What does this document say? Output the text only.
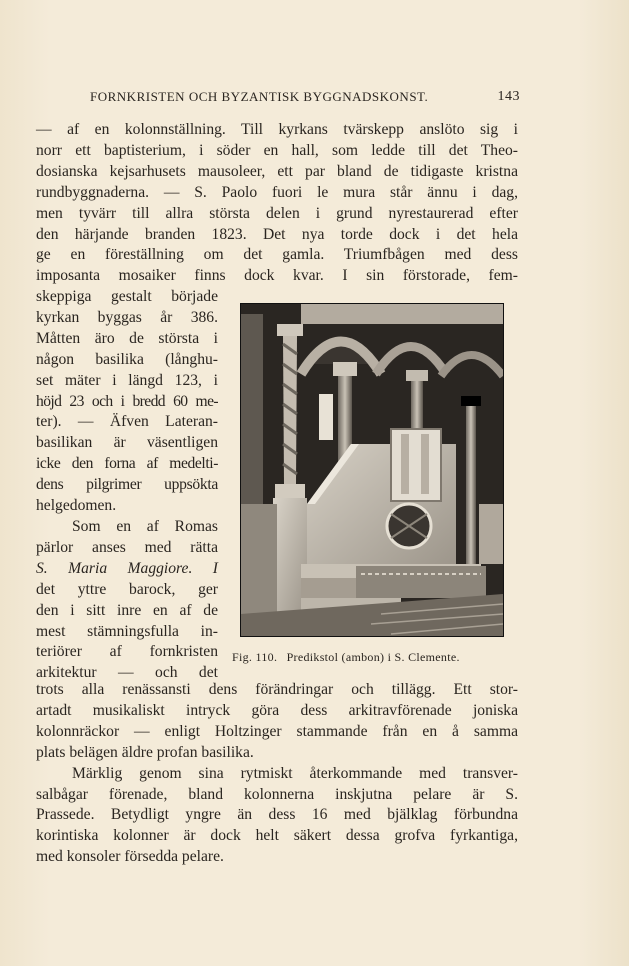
FORNKRISTEN OCH BYZANTISK BYGGNADSKONST.	143
— af en kolonnställning. Till kyrkans tvärskepp anslöto sig i
norr ett baptisterium, i söder en hall, som ledde till det Theo-
dosianska kejsarhusets mausoleer, ett par bland de tidigaste kristna
rundbyggnaderna. — S. Paolo fuori le mura står ännu i dag,
men tyvärr till allra största delen i grund nyrestaurerad efter
den härjande branden 1823. Det nya torde dock i det hela
ge en föreställning om det gamla. Triumfbågen med dess
imposanta mosaiker finns dock kvar. I sin förstorade, fem-
skeppiga gestalt började
kyrkan byggas år 386.
Måtten äro de största i
någon basilika (långhu-
set mäter i längd 123, i
höjd 23 och i bredd 60 me-
ter). — Äfven Lateran-
basilikan är väsentligen
icke den forna af medelti-
dens pilgrimer uppsökta
helgedomen.
Som en af Romas
pärlor anses med rätta
S. Maria Maggiore. I
det yttre barock, ger
den i sitt inre en af de
mest stämningsfulla in-
teriörer af fornkristen
arkitektur — och det
Fig. 110. Predikstol (ambon) i S. Clemente.
trots alla renässansti dens förändringar och tillägg. Ett stor-
artadt musikaliskt intryck göra dess arkitravförenade joniska
kolonnräckor — enligt Holtzinger stammande från en å samma
plats belägen äldre profan basilika.
Märklig genom sina rytmiskt återkommande med transver-
salbågar förenade, bland kolonnerna inskjutna pelare är S.
Prassede. Betydligt yngre än dess 16 med bjälklag förbundna
korintiska kolonner är dock helt säkert dessa grofva fyrkantiga,
med konsoler försedda pelare.
